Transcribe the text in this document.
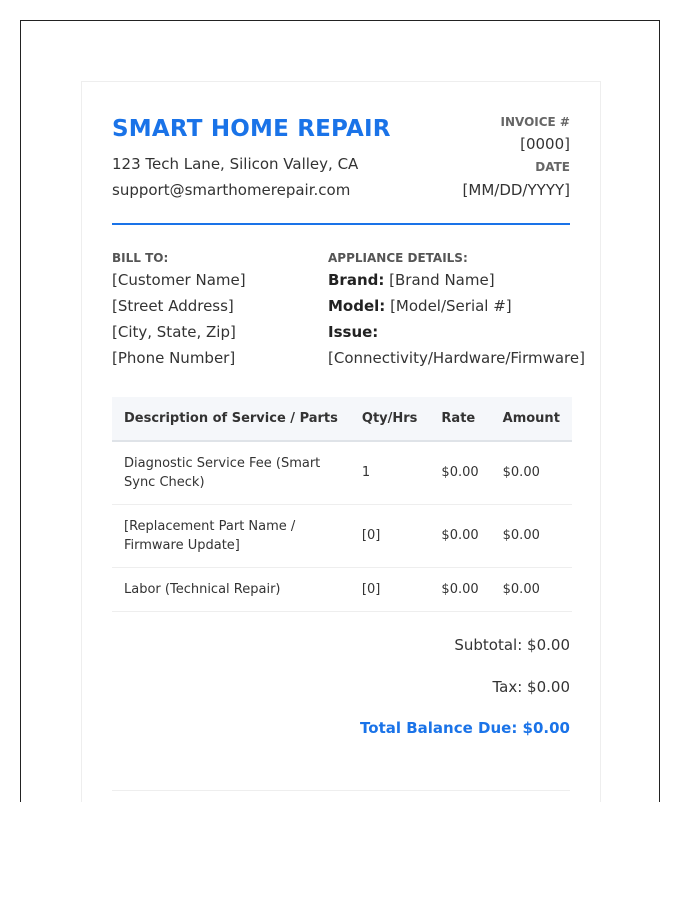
SMART HOME REPAIR
123 Tech Lane, Silicon Valley, CA
support@smarthomerepair.com
INVOICE #
[0000]
DATE
[MM/DD/YYYY]
BILL TO:
[Customer Name]
[Street Address]
[City, State, Zip]
[Phone Number]
APPLIANCE DETAILS:
Brand: [Brand Name]
Model: [Model/Serial #]
Issue:
[Connectivity/Hardware/Firmware]
Description of Service / Parts	Qty/Hrs	Rate	Amount
Diagnostic Service Fee (Smart Sync Check)	1	$0.00	$0.00
[Replacement Part Name / Firmware Update]	[0]	$0.00	$0.00
Labor (Technical Repair)	[0]	$0.00	$0.00
Subtotal: $0.00
Tax: $0.00
Total Balance Due: $0.00
